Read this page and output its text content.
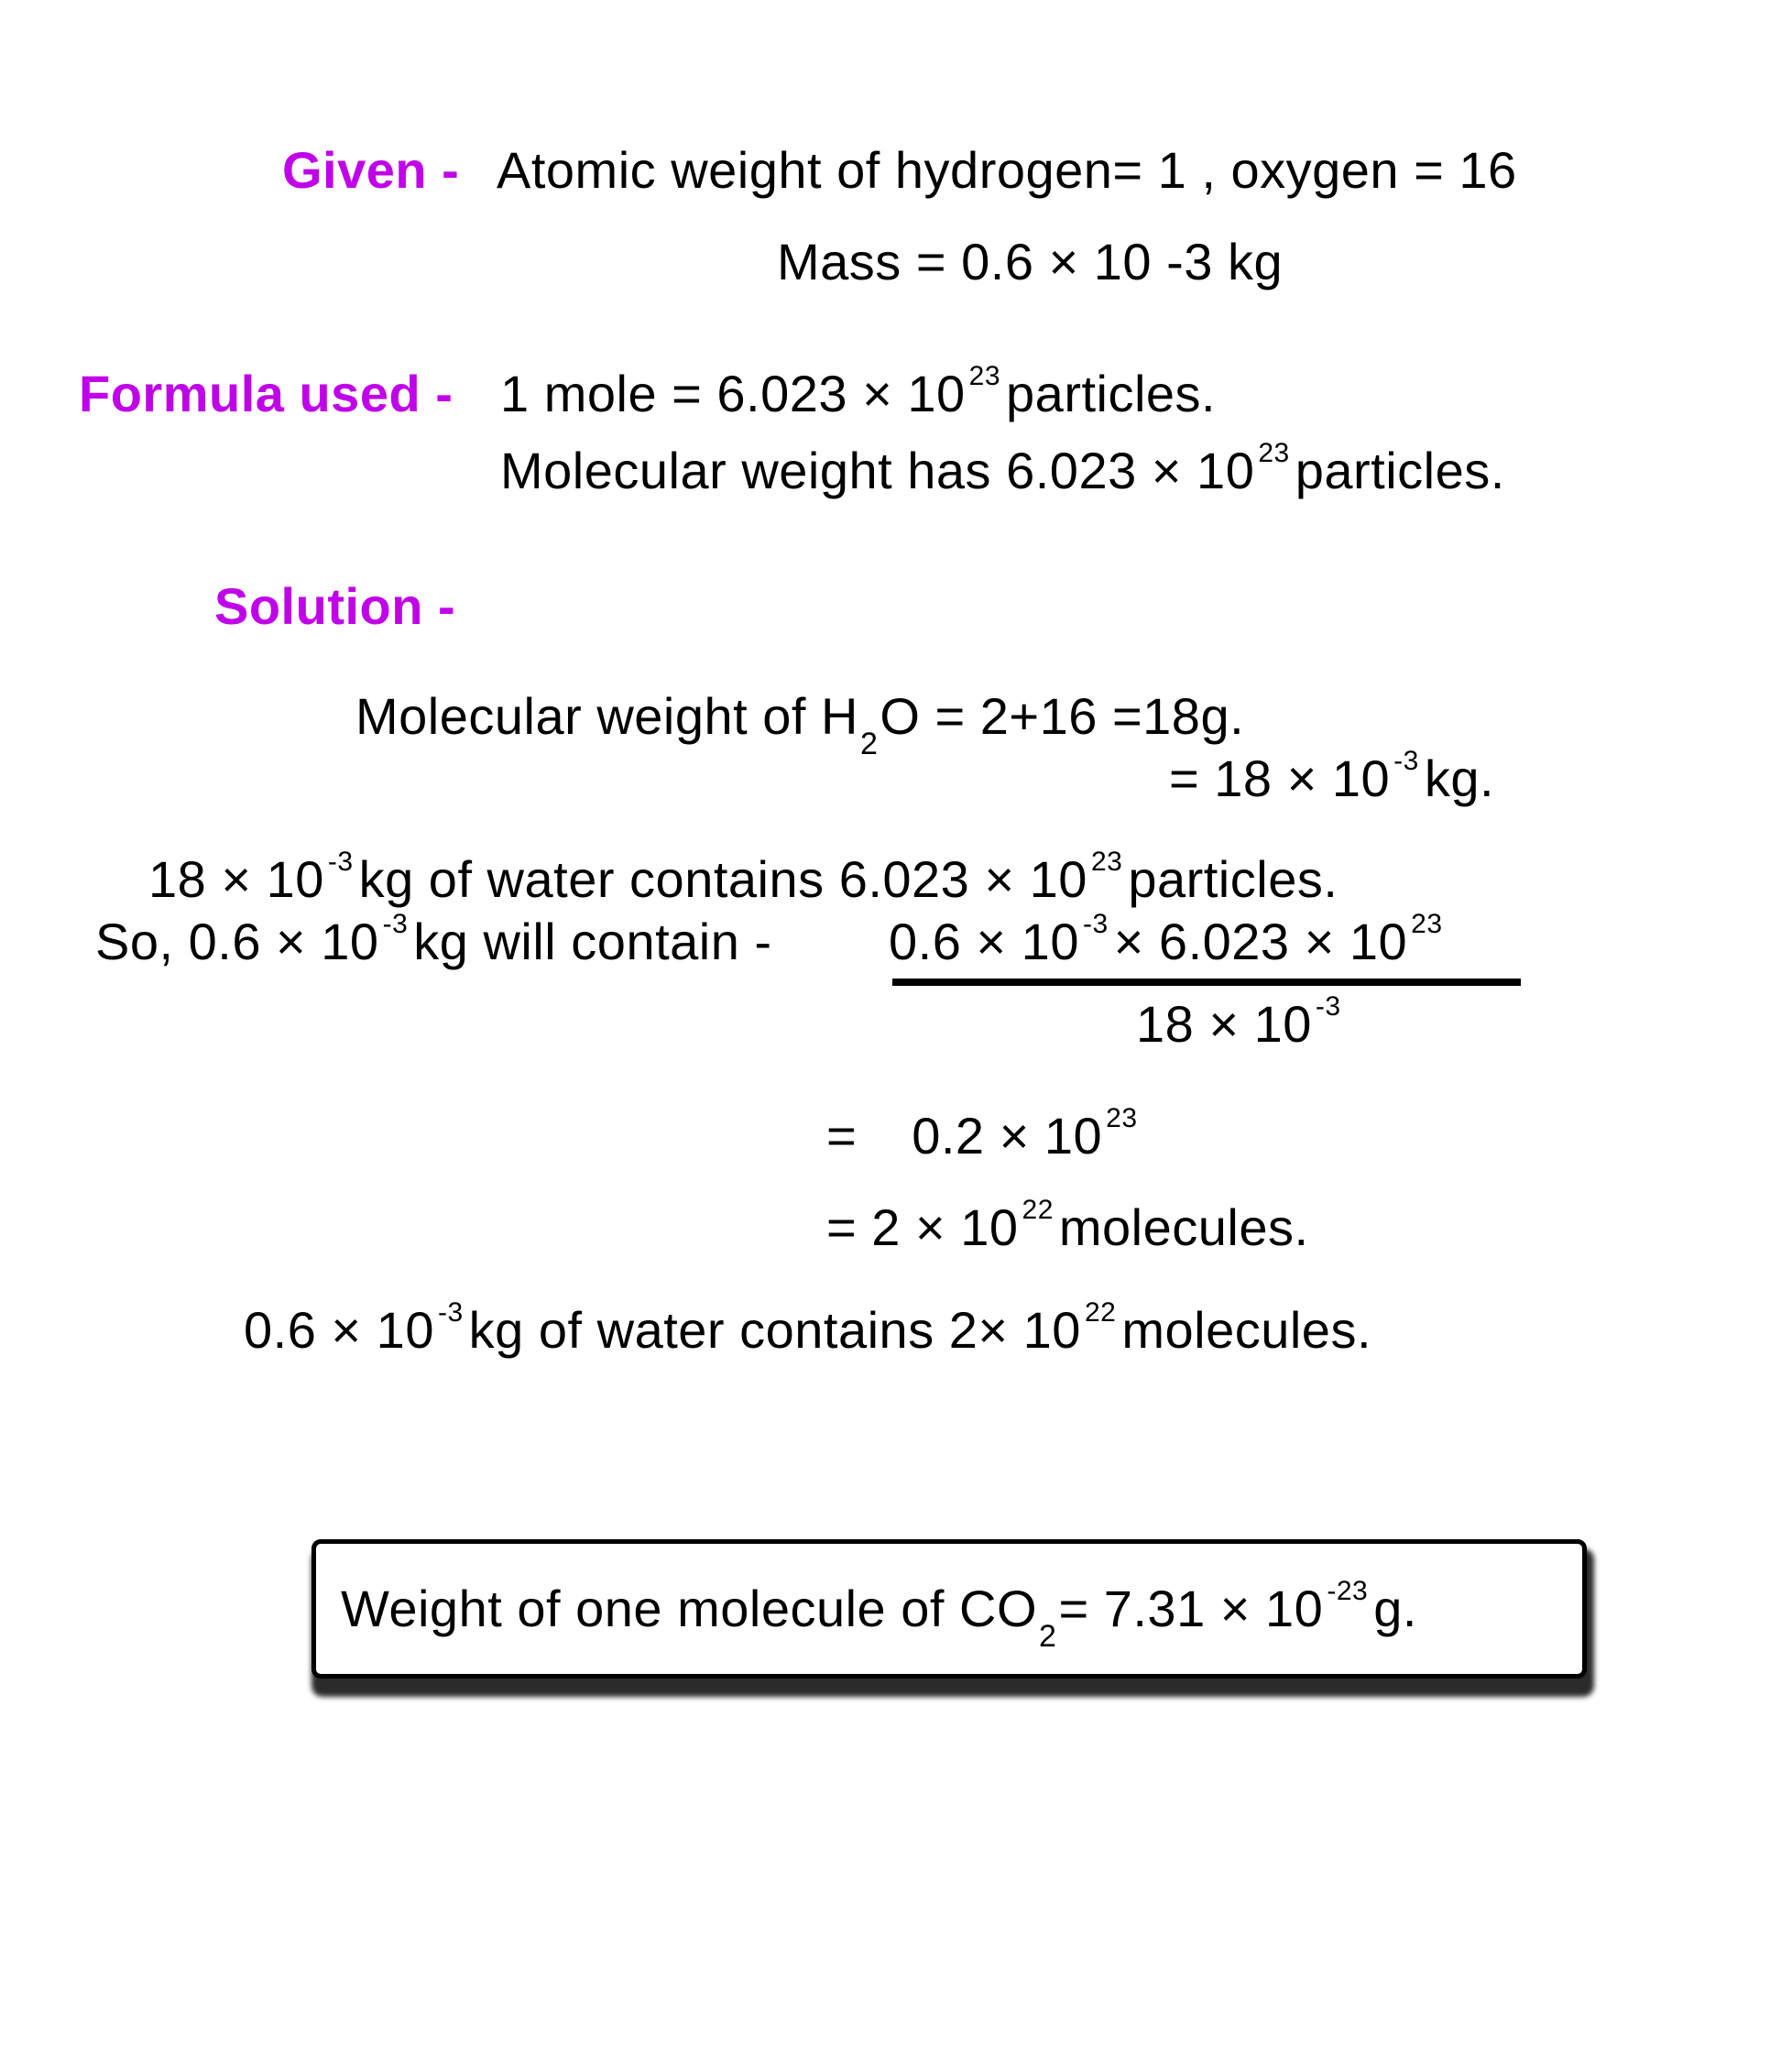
Given - Atomic weight of hydrogen= 1 , oxygen = 16
Mass = 0.6 × 10 -3 kg
Formula used - 1 mole = 6.023 × 10 $^{23}$ particles.
Molecular weight has 6.023 × 10 $^{23}$ particles.
Solution -
Molecular weight of $H_2O = 2+16 =18g$.
= 18 × 10 $^{-3}$ kg.
18 × 10 $^{-3}$ kg of water contains 6.023 × 10 $^{23}$ particles.
So, 0.6 × 10 $^{-3}$ kg will contain - 0.6 × 10 $^{-3}$ × 6.023 × 10 $^{23}$
18 × 10 $^{-3}$
= 0.2 × 10 $^{23}$
= 2 × 10 $^{22}$ molecules.
0.6 × 10 $^{-3}$ kg of water contains 2× 10 $^{22}$ molecules.
Weight of one molecule of $CO_2= 7.31 \times 10$ $^{-23}$ g.
